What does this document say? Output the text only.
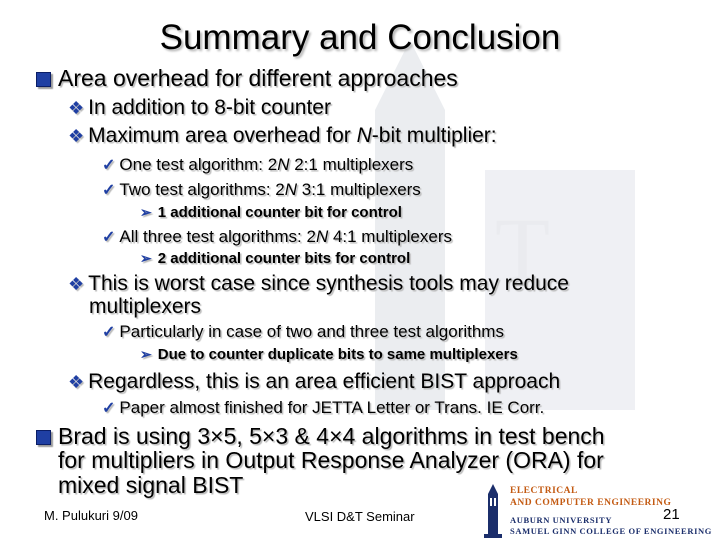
T
Summary and Conclusion
Area overhead for different approaches
❖ In addition to 8-bit counter
❖ Maximum area overhead for N-bit multiplier:
✓ One test algorithm: 2N 2:1 multiplexers
✓ Two test algorithms: 2N 3:1 multiplexers
➢ 1 additional counter bit for control
✓ All three test algorithms: 2N 4:1 multiplexers
➢ 2 additional counter bits for control
❖ This is worst case since synthesis tools may reduce
multiplexers
✓ Particularly in case of two and three test algorithms
➢ Due to counter duplicate bits to same multiplexers
❖ Regardless, this is an area efficient BIST approach
✓ Paper almost finished for JETTA Letter or Trans. IE Corr.
Brad is using 3×5, 5×3 & 4×4 algorithms in test bench
for multipliers in Output Response Analyzer (ORA) for
mixed signal BIST
M. Pulukuri 9/09	VLSI D&T Seminar
ELECTRICAL
AND COMPUTER ENGINEERING
AUBURN UNIVERSITY
SAMUEL GINN COLLEGE OF ENGINEERING
21
